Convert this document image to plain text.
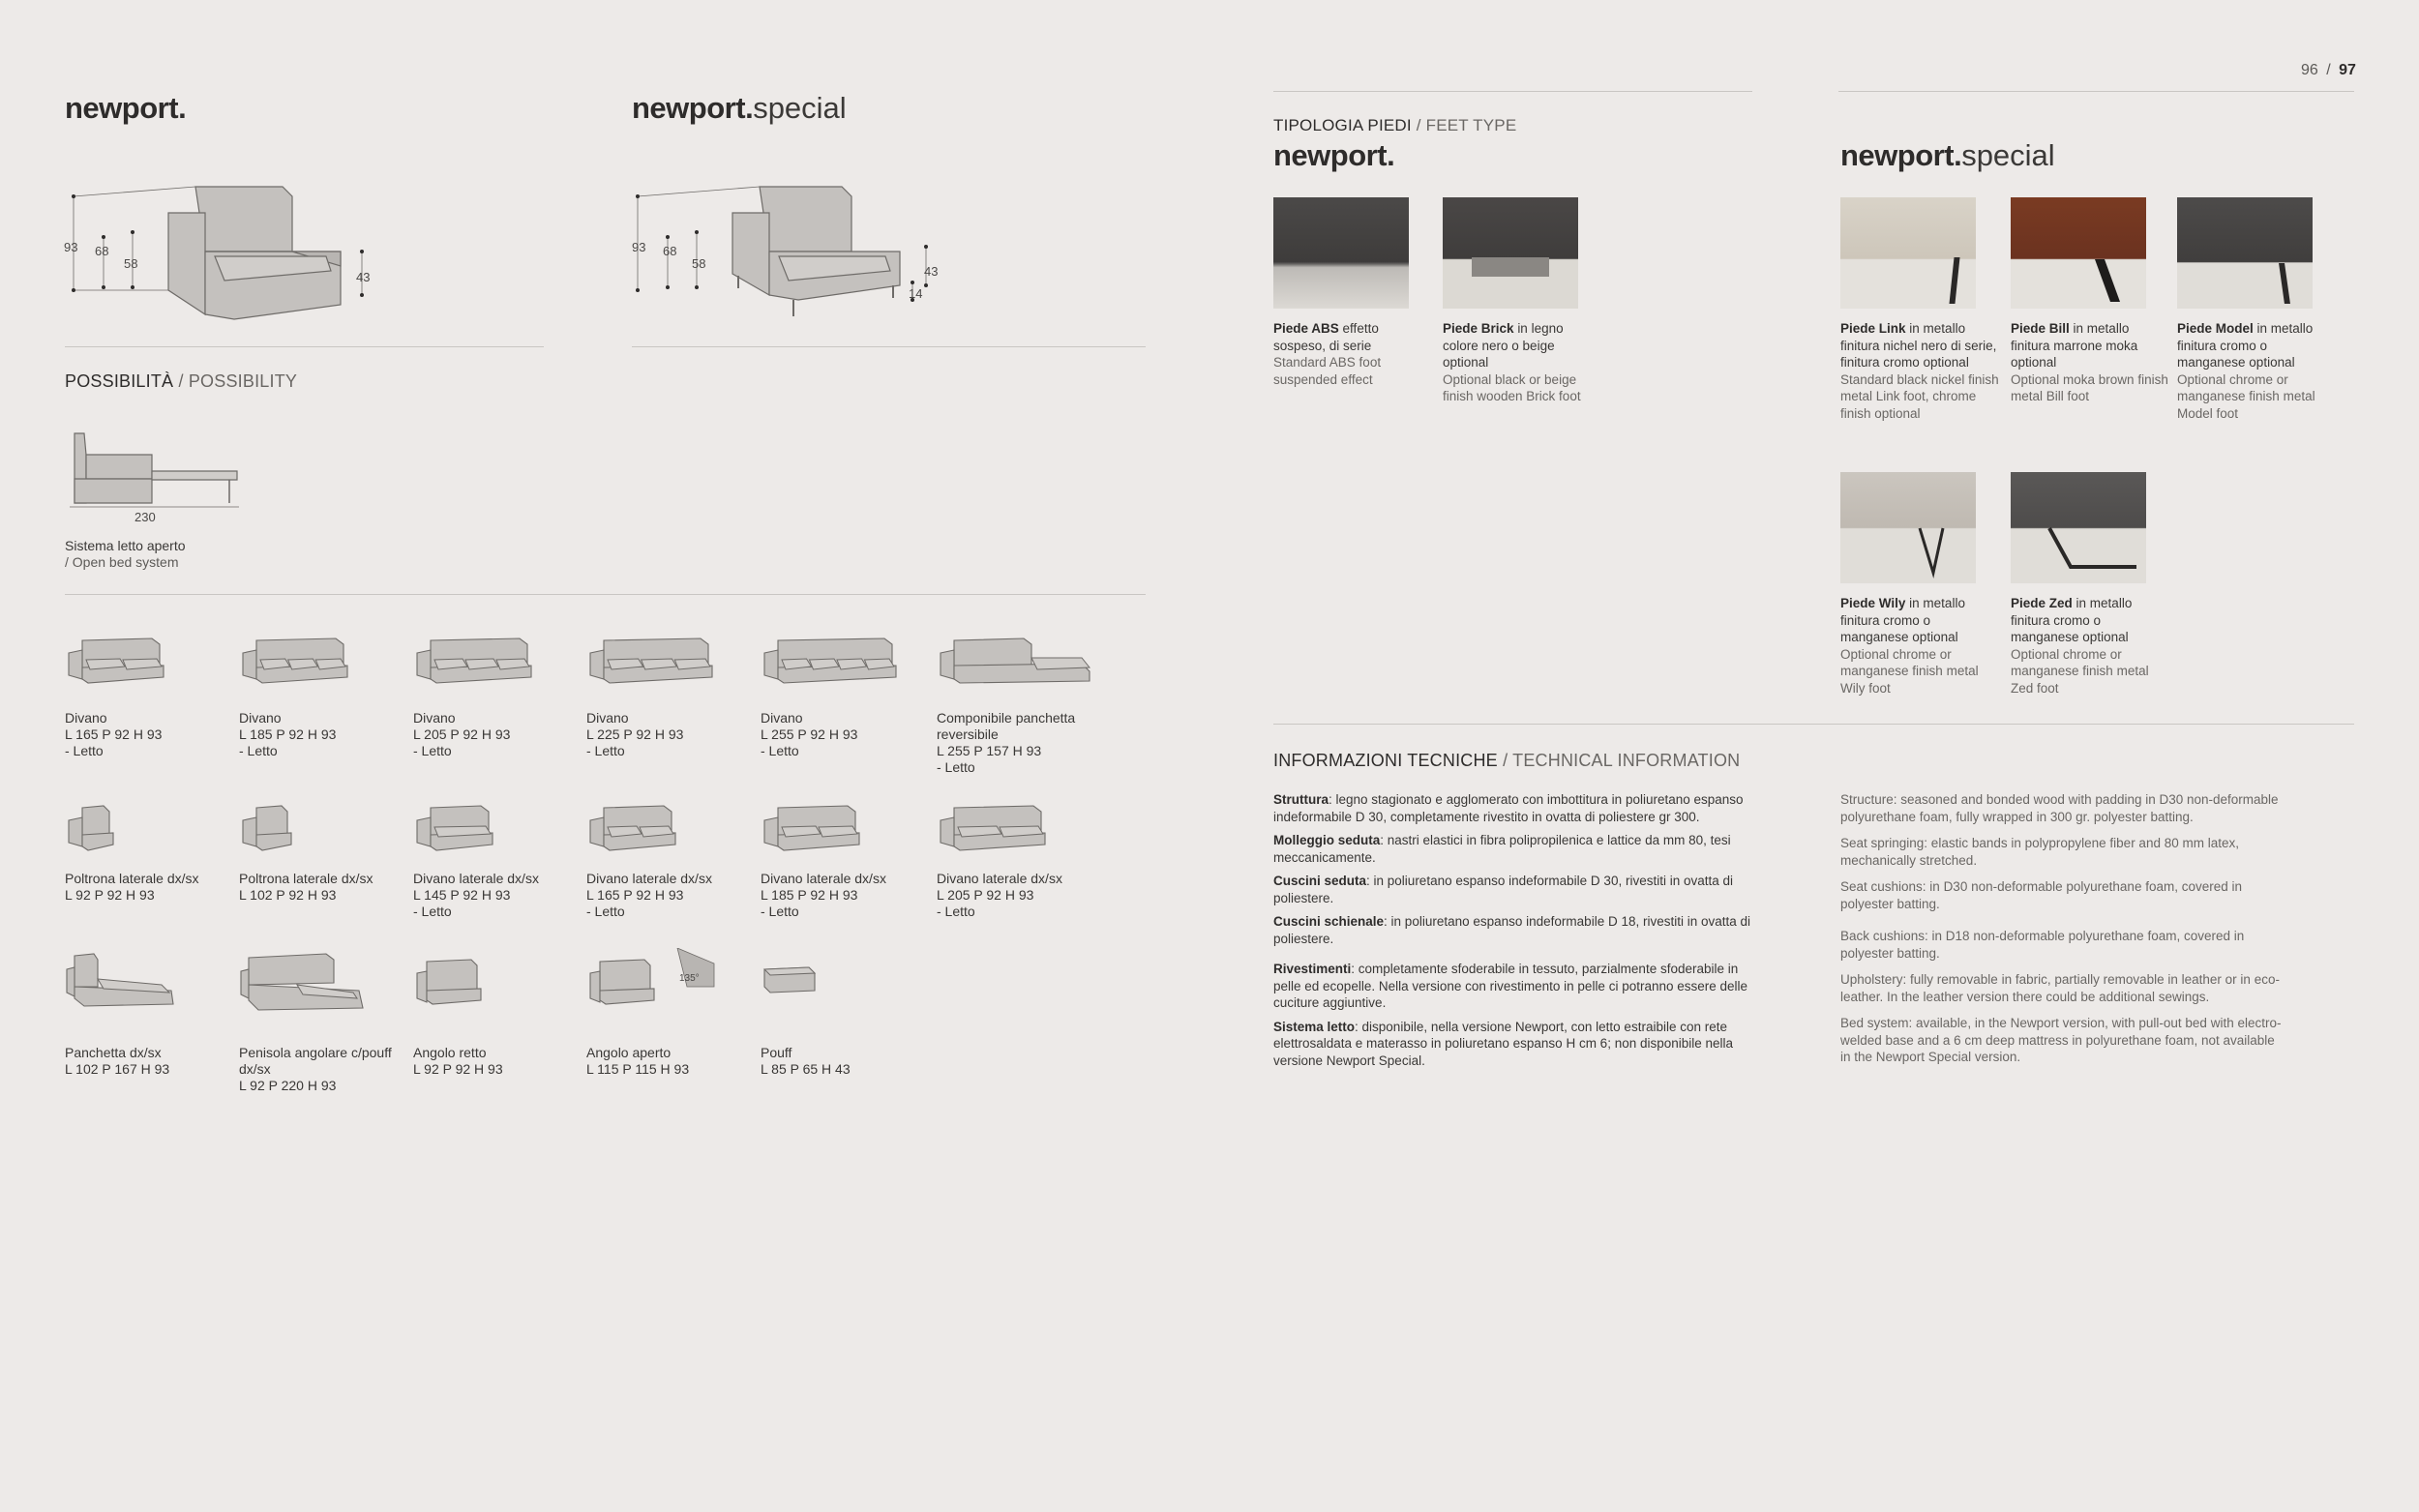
96 / 97
newport.	newport.special
93 68
58
43
93 68
58
43
14
POSSIBILITÀ / POSSIBILITY
230
Sistema letto aperto
/ Open bed system
Divano
L 165 P 92 H 93
- Letto
Divano
L 185 P 92 H 93
- Letto
Divano
L 205 P 92 H 93
- Letto
Divano
L 225 P 92 H 93
- Letto
Divano
L 255 P 92 H 93
- Letto
Componibile panchetta reversibile
L 255 P 157 H 93
- Letto
Poltrona laterale dx/sx
L 92 P 92 H 93
Poltrona laterale dx/sx
L 102 P 92 H 93
Divano laterale dx/sx
L 145 P 92 H 93
- Letto
Divano laterale dx/sx
L 165 P 92 H 93
- Letto
Divano laterale dx/sx
L 185 P 92 H 93
- Letto
Divano laterale dx/sx
L 205 P 92 H 93
- Letto
Panchetta dx/sx
L 102 P 167 H 93
Penisola angolare c/pouff dx/sx
L 92 P 220 H 93
Angolo retto
L 92 P 92 H 93
135°
Angolo aperto
L 115 P 115 H 93
Pouff
L 85 P 65 H 43
TIPOLOGIA PIEDI / FEET TYPE
newport.	newport.special
Piede ABS effetto sospeso, di serie
Standard ABS foot suspended effect
Piede Brick in legno colore nero o beige optional
Optional black or beige finish wooden Brick foot
Piede Link in metallo finitura nichel nero di serie, finitura cromo optional
Standard black nickel finish metal Link foot, chrome finish optional
Piede Bill in metallo finitura marrone moka optional
Optional moka brown finish metal Bill foot
Piede Model in metallo finitura cromo o manganese optional
Optional chrome or manganese finish metal Model foot
Piede Wily in metallo finitura cromo o manganese optional
Optional chrome or manganese finish metal Wily foot
Piede Zed in metallo finitura cromo o manganese optional
Optional chrome or manganese finish metal Zed foot
INFORMAZIONI TECNICHE / TECHNICAL INFORMATION

Struttura: legno stagionato e agglomerato con imbottitura in poliuretano espanso indeformabile D 30, completamente rivestito in ovatta di poliestere gr 300.

Molleggio seduta: nastri elastici in fibra polipropilenica e lattice da mm 80, tesi meccanicamente.

Cuscini seduta: in poliuretano espanso indeformabile D 30, rivestiti in ovatta di poliestere.

Cuscini schienale: in poliuretano espanso indeformabile D 18, rivestiti in ovatta di poliestere.

Rivestimenti: completamente sfoderabile in tessuto, parzialmente sfoderabile in pelle ed ecopelle. Nella versione con rivestimento in pelle ci potranno essere delle cuciture aggiuntive.

Sistema letto: disponibile, nella versione Newport, con letto estraibile con rete elettrosaldata e materasso in poliuretano espanso H cm 6; non disponibile nella versione Newport Special.

Structure: seasoned and bonded wood with padding in D30 non-deformable polyurethane foam, fully wrapped in 300 gr. polyester batting.

Seat springing: elastic bands in polypropylene fiber and 80 mm latex, mechanically stretched.

Seat cushions: in D30 non-deformable polyurethane foam, covered in polyester batting.

Back cushions: in D18 non-deformable polyurethane foam, covered in polyester batting.

Upholstery: fully removable in fabric, partially removable in leather or in eco-leather. In the leather version there could be additional sewings.

Bed system: available, in the Newport version, with pull-out bed with electro-welded base and a 6 cm deep mattress in polyurethane foam, not available in the Newport Special version.
